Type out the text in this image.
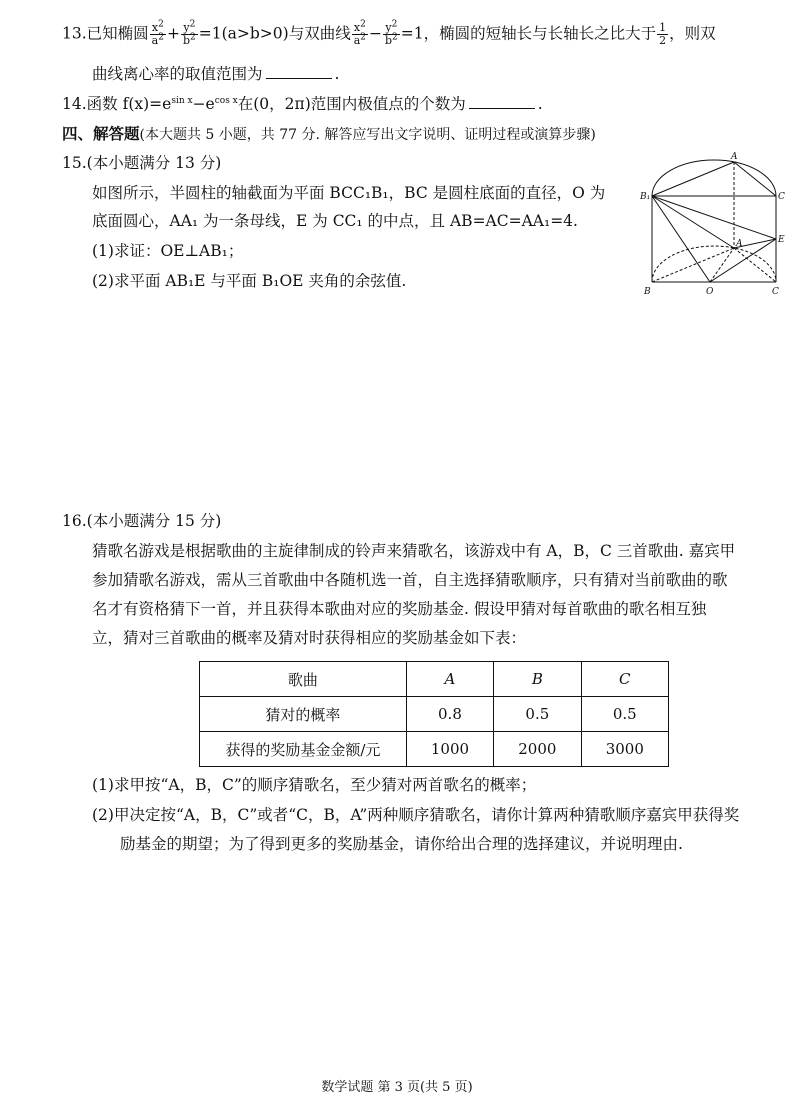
13.已知椭圆 $\frac{x^2}{a^2} + \frac{y^2}{b^2} =1(a>b>0)$与双曲线 $\frac{x^2}{a^2} - \frac{y^2}{b^2} =1$，椭圆的短轴长与长轴长之比大于 $\frac{1}{2}$ ，则双
曲线离心率的取值范围为	.
14.函数 $f(x)=e^{sin x}-e^{cos x}$在(0，2π)范围内极值点的个数为	.
四、解答题(本大题共 5 小题，共 77 分. 解答应写出文字说明、证明过程或演算步骤)
15.(本小题满分 13 分)
如图所示，半圆柱的轴截面为平面 BCC₁B₁，BC 是圆柱底面的直径，O 为
底面圆心，AA₁ 为一条母线，E 为 CC₁ 的中点，且 AB=AC=AA₁=4.
(1)求证：OE⊥AB₁；
(2)求平面 AB₁E 与平面 B₁OE 夹角的余弦值.
A
B₁	C
E
A
B	O	C
16.(本小题满分 15 分)
猜歌名游戏是根据歌曲的主旋律制成的铃声来猜歌名，该游戏中有 A，B，C 三首歌曲. 嘉宾甲
参加猜歌名游戏，需从三首歌曲中各随机选一首，自主选择猜歌顺序，只有猜对当前歌曲的歌
名才有资格猜下一首，并且获得本歌曲对应的奖励基金. 假设甲猜对每首歌曲的歌名相互独
立，猜对三首歌曲的概率及猜对时获得相应的奖励基金如下表：
歌曲	A	B	C
猜对的概率	0.8	0.5	0.5
获得的奖励基金金额/元	1000	2000	3000
(1)求甲按“A，B，C”的顺序猜歌名，至少猜对两首歌名的概率；
(2)甲决定按“A，B，C”或者“C，B，A”两种顺序猜歌名，请你计算两种猜歌顺序嘉宾甲获得奖
励基金的期望；为了得到更多的奖励基金，请你给出合理的选择建议，并说明理由.
数学试题 第 3 页(共 5 页)
